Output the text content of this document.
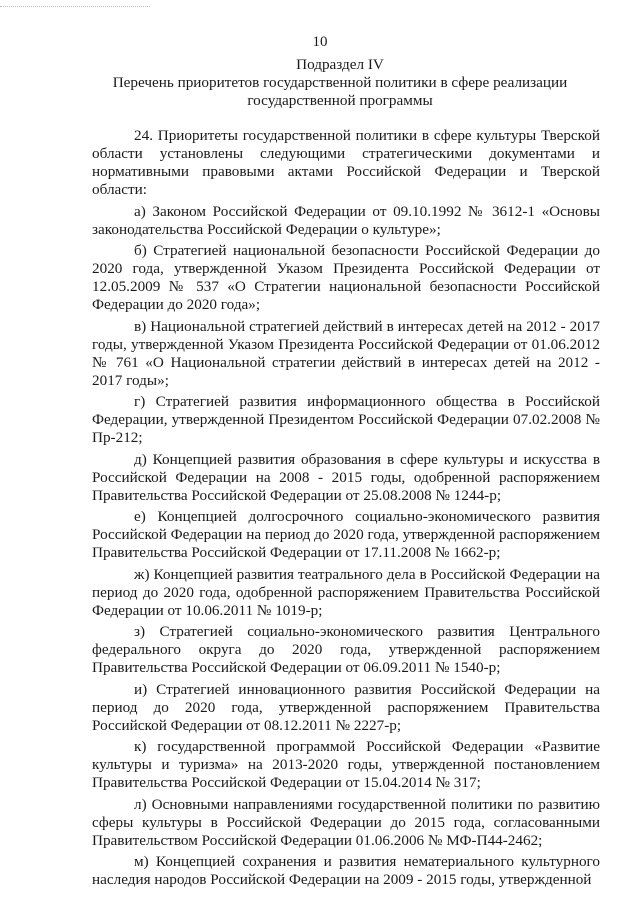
10
Подраздел IV
Перечень приоритетов государственной политики в сфере реализации государственной программы

24. Приоритеты государственной политики в сфере культуры Тверской области установлены следующими стратегическими документами и нормативными правовыми актами Российской Федерации и Тверской области:

а) Законом Российской Федерации от 09.10.1992 № 3612-1 «Основы законодательства Российской Федерации о культуре»;

б) Стратегией национальной безопасности Российской Федерации до 2020 года, утвержденной Указом Президента Российской Федерации от 12.05.2009 № 537 «О Стратегии национальной безопасности Российской Федерации до 2020 года»;

в) Национальной стратегией действий в интересах детей на 2012 - 2017 годы, утвержденной Указом Президента Российской Федерации от 01.06.2012 № 761 «О Национальной стратегии действий в интересах детей на 2012 - 2017 годы»;

г) Стратегией развития информационного общества в Российской Федерации, утвержденной Президентом Российской Федерации 07.02.2008 № Пр-212;

д) Концепцией развития образования в сфере культуры и искусства в Российской Федерации на 2008 - 2015 годы, одобренной распоряжением Правительства Российской Федерации от 25.08.2008 № 1244-р;

е) Концепцией долгосрочного социально-экономического развития Российской Федерации на период до 2020 года, утвержденной распоряжением Правительства Российской Федерации от 17.11.2008 № 1662-р;

ж) Концепцией развития театрального дела в Российской Федерации на период до 2020 года, одобренной распоряжением Правительства Российской Федерации от 10.06.2011 № 1019-р;

з) Стратегией социально-экономического развития Центрального федерального округа до 2020 года, утвержденной распоряжением Правительства Российской Федерации от 06.09.2011 № 1540-р;

и) Стратегией инновационного развития Российской Федерации на период до 2020 года, утвержденной распоряжением Правительства Российской Федерации от 08.12.2011 № 2227-р;

к) государственной программой Российской Федерации «Развитие культуры и туризма» на 2013-2020 годы, утвержденной постановлением Правительства Российской Федерации от 15.04.2014 № 317;

л) Основными направлениями государственной политики по развитию сферы культуры в Российской Федерации до 2015 года, согласованными Правительством Российской Федерации 01.06.2006 № МФ-П44-2462;

м) Концепцией сохранения и развития нематериального культурного наследия народов Российской Федерации на 2009 - 2015 годы, утвержденной
